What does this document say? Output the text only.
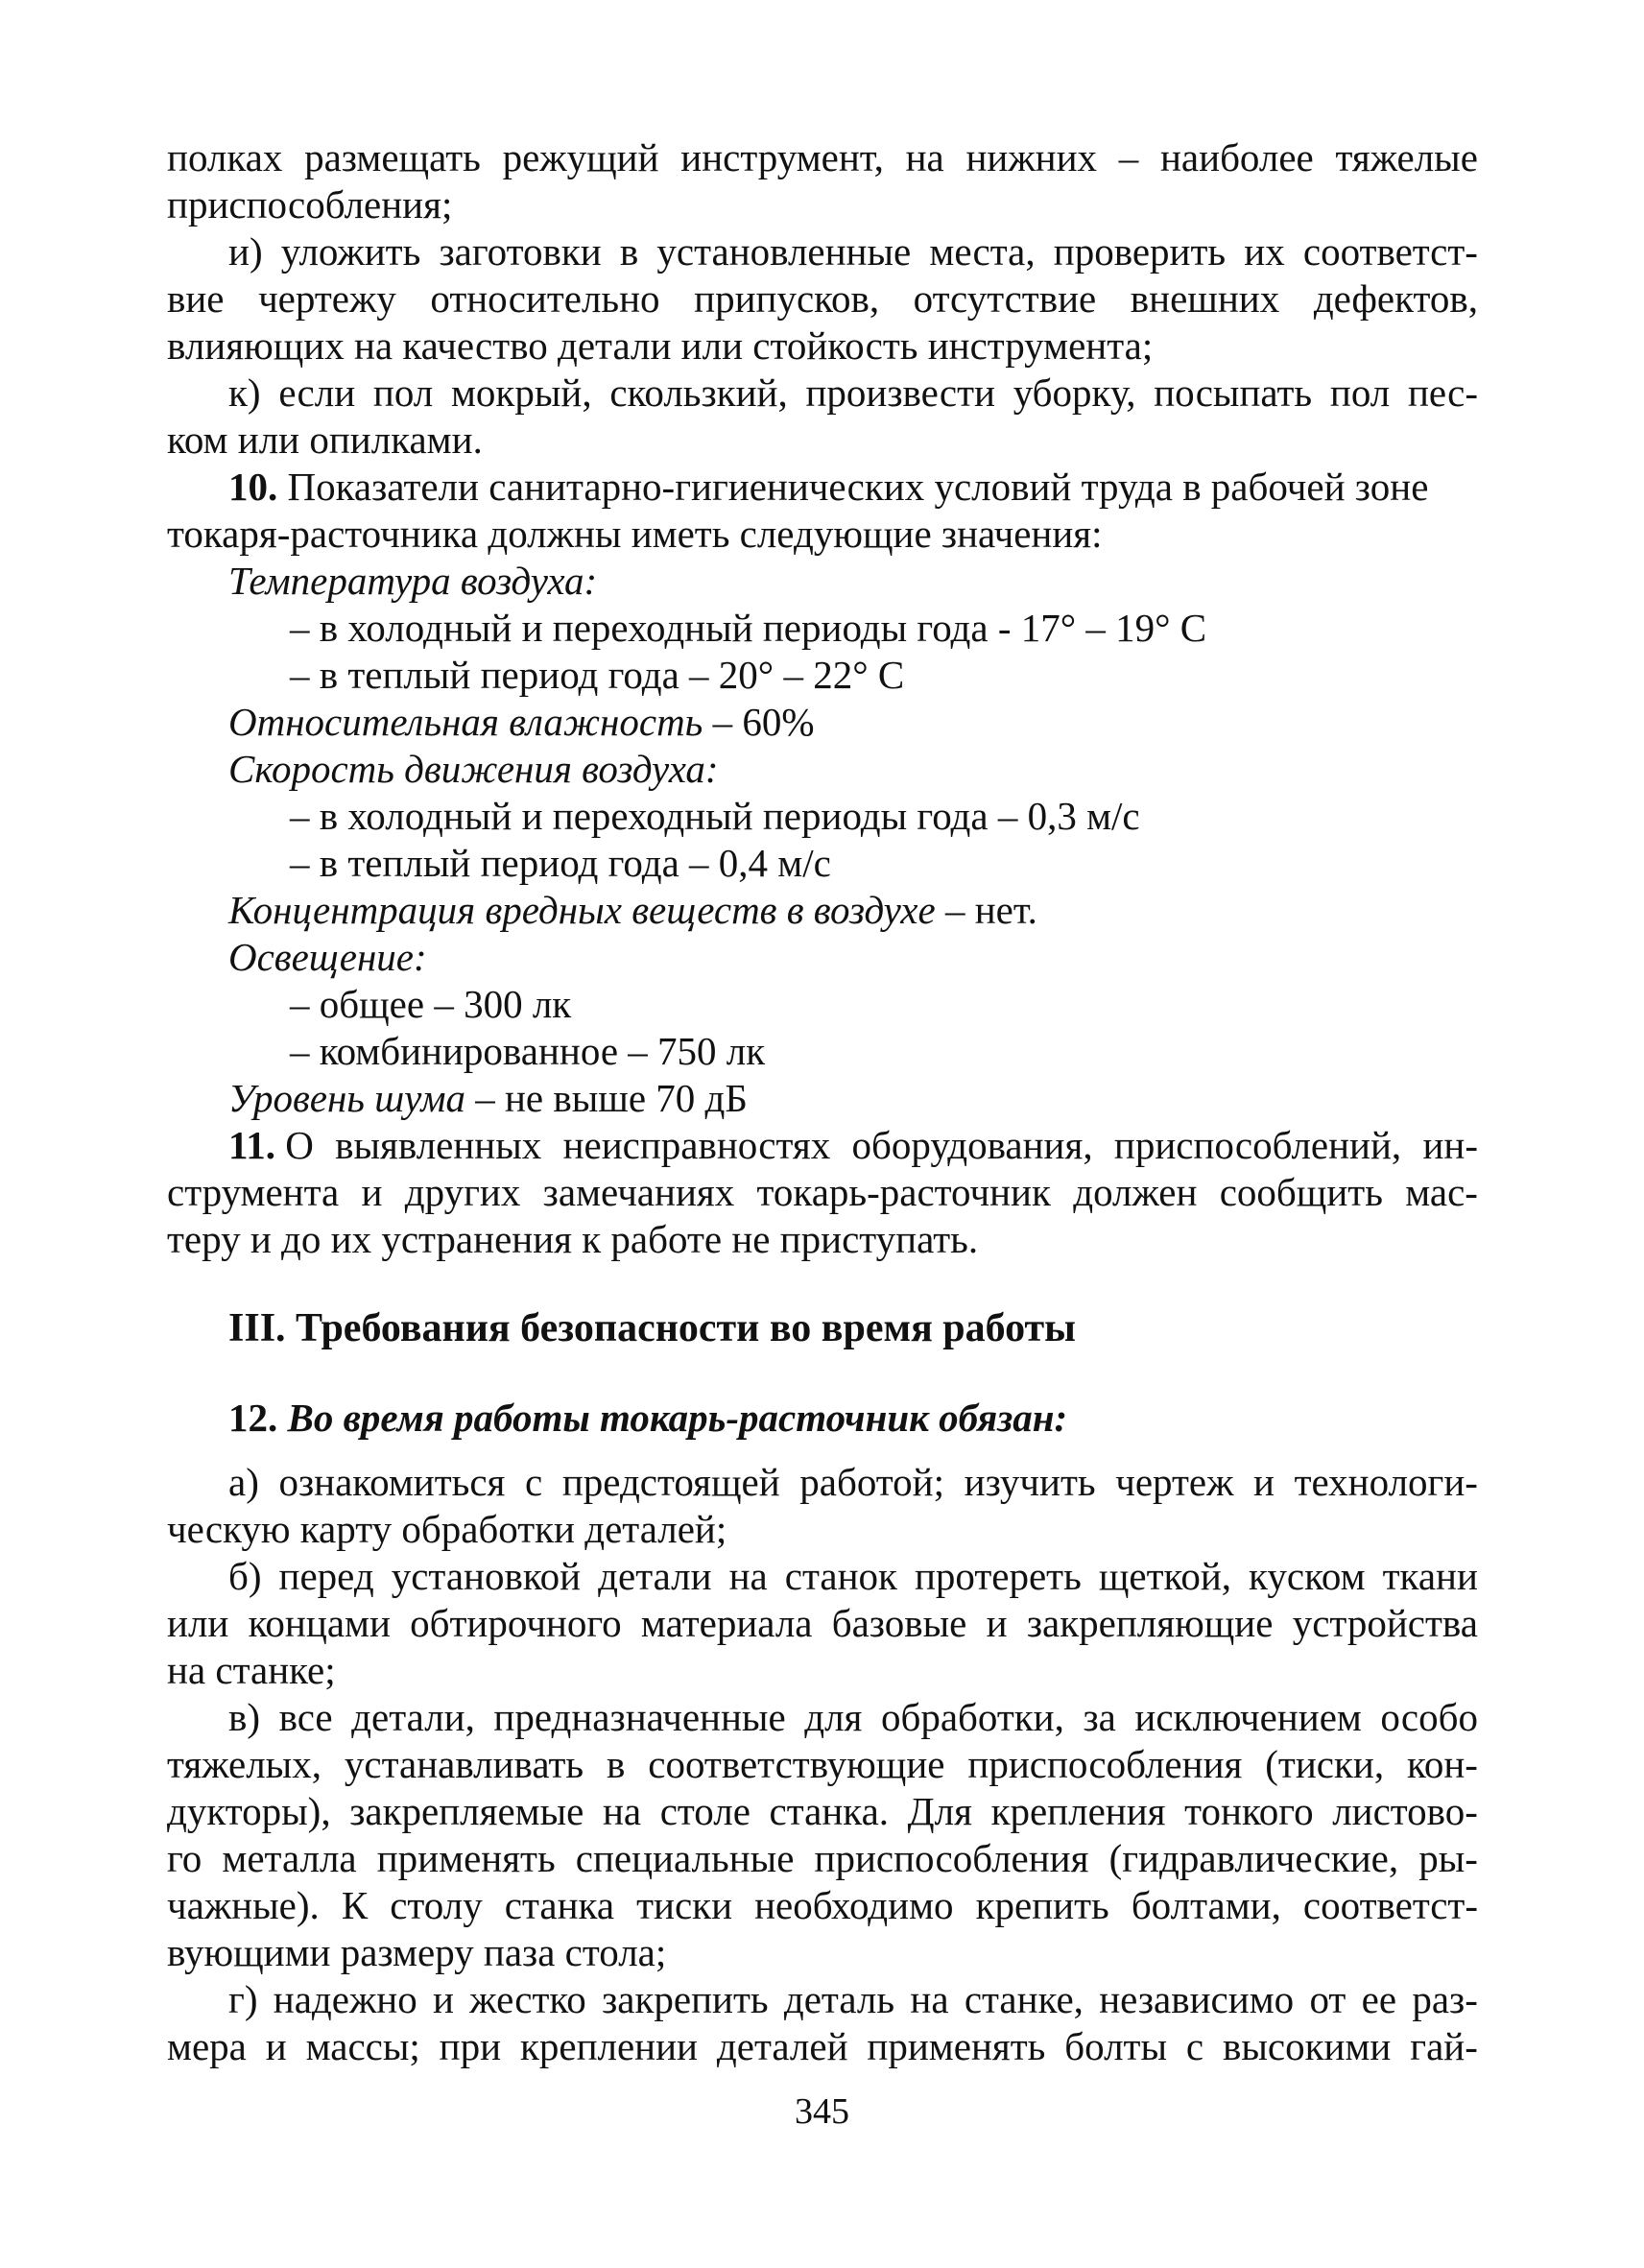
полках размещать режущий инструмент, на нижних – наиболее тяжелые
приспособления;
и) уложить заготовки в установленные места, проверить их соответст-
вие чертежу относительно припусков, отсутствие внешних дефектов,
влияющих на качество детали или стойкость инструмента;
к) если пол мокрый, скользкий, произвести уборку, посыпать пол пес-
ком или опилками.
10. Показатели санитарно-гигиенических условий труда в рабочей зоне
токаря-расточника должны иметь следующие значения:
Температура воздуха:
– в холодный и переходный периоды года - 17° – 19° С
– в теплый период года – 20° – 22° С
Относительная влажность – 60%
Скорость движения воздуха:
– в холодный и переходный периоды года – 0,3 м/с
– в теплый период года – 0,4 м/с
Концентрация вредных веществ в воздухе – нет.
Освещение:
– общее – 300 лк
– комбинированное – 750 лк
Уровень шума – не выше 70 дБ
11. О выявленных неисправностях оборудования, приспособлений, ин-
струмента и других замечаниях токарь-расточник должен сообщить мас-
теру и до их устранения к работе не приступать.
III. Требования безопасности во время работы
12. Во время работы токарь-расточник обязан:
а) ознакомиться с предстоящей работой; изучить чертеж и технологи-
ческую карту обработки деталей;
б) перед установкой детали на станок протереть щеткой, куском ткани
или концами обтирочного материала базовые и закрепляющие устройства
на станке;
в) все детали, предназначенные для обработки, за исключением особо
тяжелых, устанавливать в соответствующие приспособления (тиски, кон-
дукторы), закрепляемые на столе станка. Для крепления тонкого листово-
го металла применять специальные приспособления (гидравлические, ры-
чажные). К столу станка тиски необходимо крепить болтами, соответст-
вующими размеру паза стола;
г) надежно и жестко закрепить деталь на станке, независимо от ее раз-
мера и массы; при креплении деталей применять болты с высокими гай-
345
